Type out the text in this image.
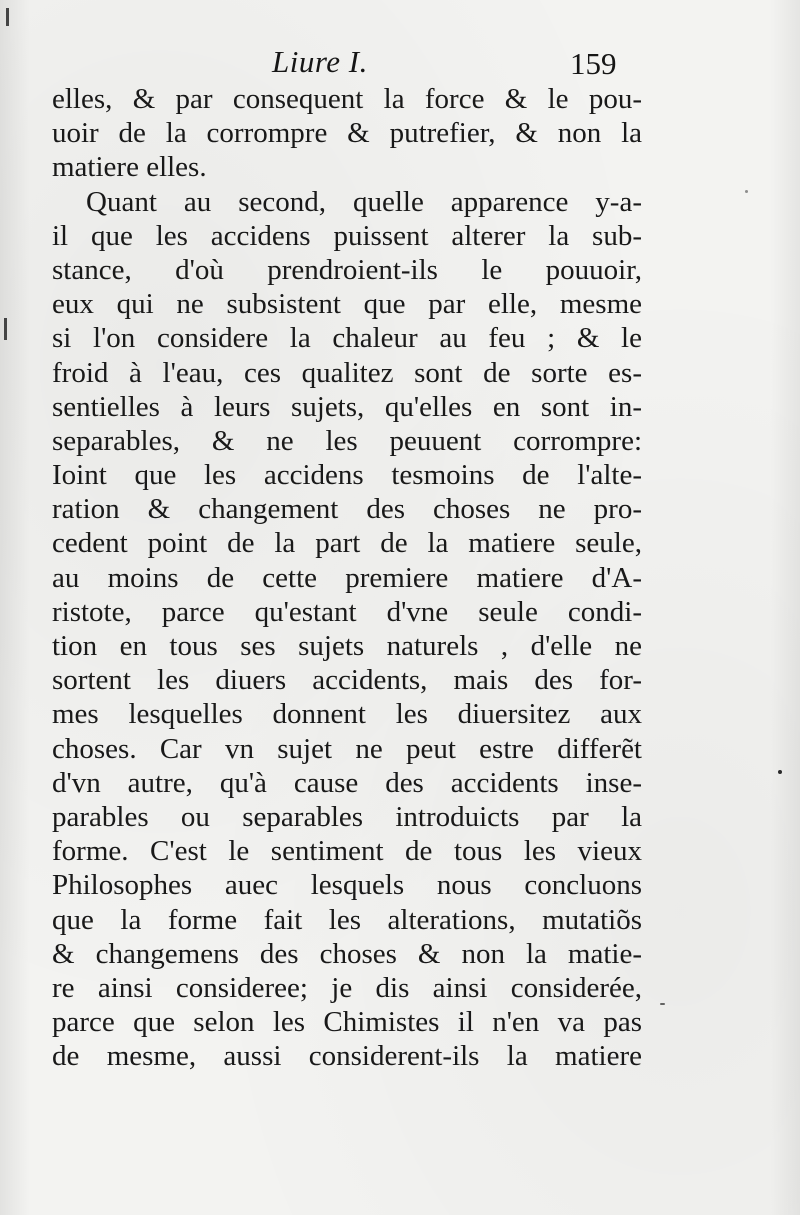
Liure I.	159
elles, & par consequent la force & le pou-
uoir de la corrompre & putrefier, & non la
matiere elles.
Quant au second, quelle apparence y-a-
il que les accidens puissent alterer la sub-
stance, d'où prendroient-ils le pouuoir,
eux qui ne subsistent que par elle, mesme
si l'on considere la chaleur au feu ; & le
froid à l'eau, ces qualitez sont de sorte es-
sentielles à leurs sujets, qu'elles en sont in-
separables, & ne les peuuent corrompre:
Ioint que les accidens tesmoins de l'alte-
ration & changement des choses ne pro-
cedent point de la part de la matiere seule,
au moins de cette premiere matiere d'A-
ristote, parce qu'estant d'vne seule condi-
tion en tous ses sujets naturels , d'elle ne
sortent les diuers accidents, mais des for-
mes lesquelles donnent les diuersitez aux
choses. Car vn sujet ne peut estre differẽt
d'vn autre, qu'à cause des accidents inse-
parables ou separables introduicts par la
forme. C'est le sentiment de tous les vieux
Philosophes auec lesquels nous concluons
que la forme fait les alterations, mutatiõs
& changemens des choses & non la matie-
re ainsi consideree; je dis ainsi considerée,
parce que selon les Chimistes il n'en va pas
de mesme, aussi considerent-ils la matiere
